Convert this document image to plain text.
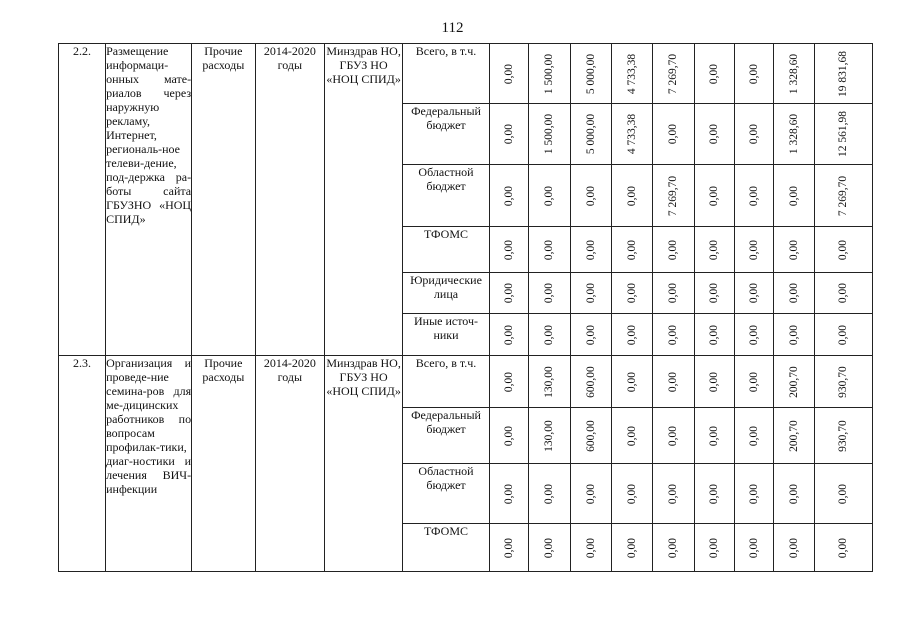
112
2.2.	Размещение информаци-онных мате-риалов через наружную рекламу, Интернет, региональ-ное телеви-дение, под-держка ра-боты сайта ГБУЗНО «НОЦ СПИД»	Прочие расходы	2014-2020 годы	Минздрав НО, ГБУЗ НО «НОЦ СПИД»	Всего, в т.ч.	0,00	1 500,00	5 000,00	4 733,38	7 269,70	0,00	0,00	1 328,60	19 831,68

					Федеральный бюджет	0,00	1 500,00	5 000,00	4 733,38	0,00	0,00	0,00	1 328,60	12 561,98

					Областной бюджет	0,00	0,00	0,00	0,00	7 269,70	0,00	0,00	0,00	7 269,70

					ТФОМС	0,00	0,00	0,00	0,00	0,00	0,00	0,00	0,00	0,00

					Юридические лица	0,00	0,00	0,00	0,00	0,00	0,00	0,00	0,00	0,00

					Иные источ-ники	0,00	0,00	0,00	0,00	0,00	0,00	0,00	0,00	0,00

2.3.	Организация и проведе-ние семина-ров для ме-дицинских работников по вопросам профилак-тики, диаг-ностики и лечения ВИЧ-инфекции	Прочие расходы	2014-2020 годы	Минздрав НО, ГБУЗ НО «НОЦ СПИД»	Всего, в т.ч.	0,00	130,00	600,00	0,00	0,00	0,00	0,00	200,70	930,70

					Федеральный бюджет	0,00	130,00	600,00	0,00	0,00	0,00	0,00	200,70	930,70

					Областной бюджет	0,00	0,00	0,00	0,00	0,00	0,00	0,00	0,00	0,00

					ТФОМС	0,00	0,00	0,00	0,00	0,00	0,00	0,00	0,00	0,00
